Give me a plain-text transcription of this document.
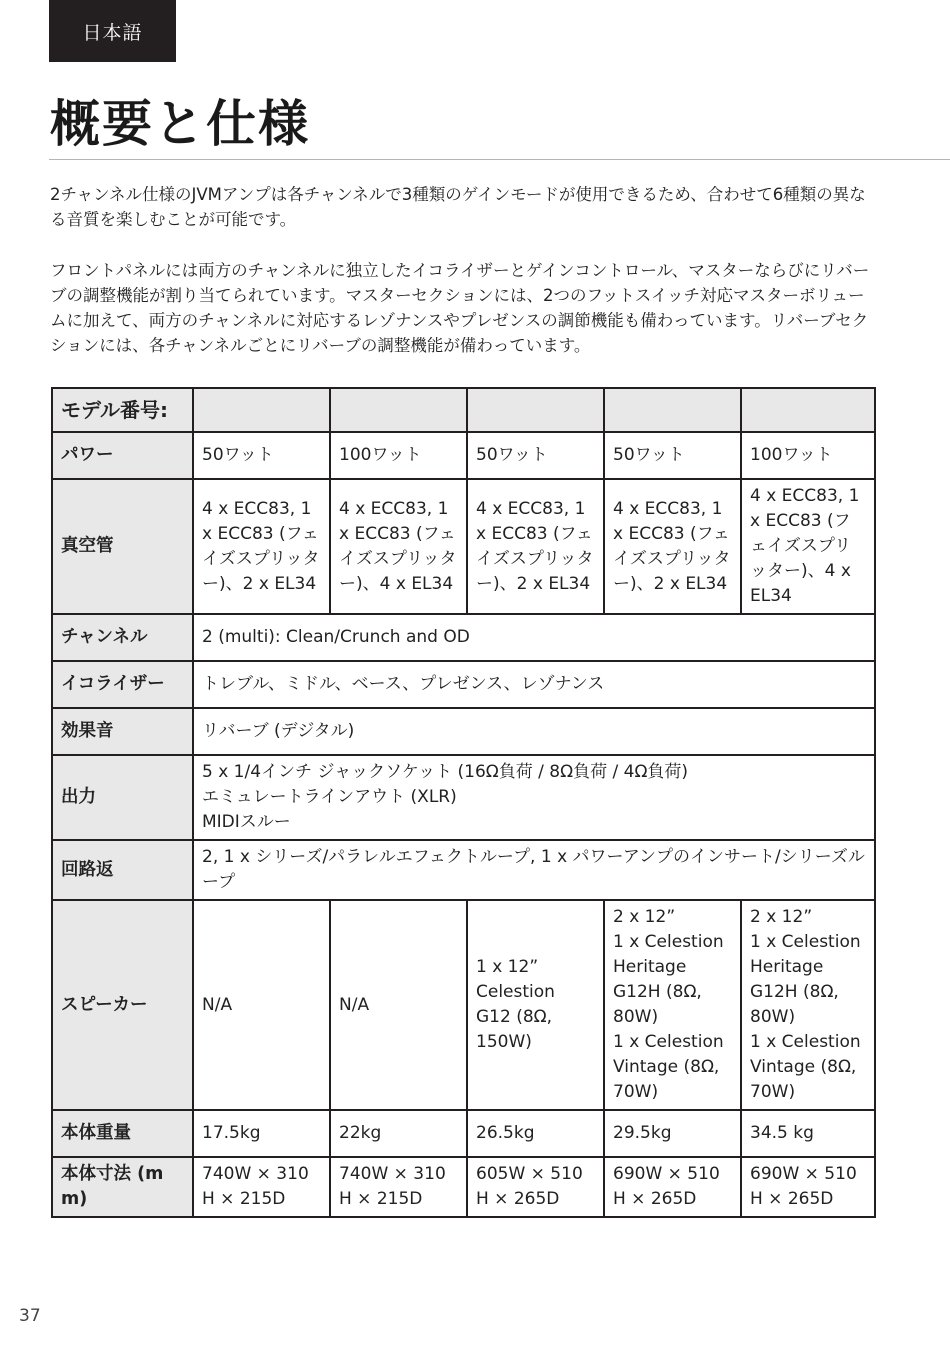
日本語
概要と仕様

2チャンネル仕様のJVMアンプは各チャンネルで3種類のゲインモードが使用できるため、合わせて6種類の異なる音質を楽しむことが可能です。

フロントパネルには両方のチャンネルに独立したイコライザーとゲインコントロール、マスターならびにリバーブの調整機能が割り当てられています。マスターセクションには、2つのフットスイッチ対応マスターボリュームに加えて、両方のチャンネルに対応するレゾナンスやプレゼンスの調節機能も備わっています。リバーブセクションには、各チャンネルごとにリバーブの調整機能が備わっています。

モデル番号:					
パワー	50ワット	100ワット	50ワット	50ワット	100ワット
真空管	4 x ECC83, 1 x ECC83 (フェイズスプリッター)、2 x EL34	4 x ECC83, 1 x ECC83 (フェイズスプリッター)、4 x EL34	4 x ECC83, 1 x ECC83 (フェイズスプリッター)、2 x EL34	4 x ECC83, 1 x ECC83 (フェイズスプリッター)、2 x EL34	4 x ECC83, 1 x ECC83 (フェイズスプリッター)、4 x EL34
チャンネル	2 (multi): Clean/Crunch and OD				
イコライザー	トレブル、ミドル、ベース、プレゼンス、レゾナンス				
効果音	リバーブ (デジタル)				
出力	5 x 1/4インチ ジャックソケット (16Ω負荷 / 8Ω負荷 / 4Ω負荷)
エミュレートラインアウト (XLR)
MIDIスルー				
回路返	2, 1 x シリーズ/パラレルエフェクトループ, 1 x パワーアンプのインサート/シリーズループ				
スピーカー	N/A	N/A	1 x 12”
Celestion G12 (8Ω, 150W)	2 x 12”
1 x Celestion Heritage G12H (8Ω, 80W)
1 x Celestion Vintage (8Ω, 70W)	2 x 12”
1 x Celestion Heritage G12H (8Ω, 80W)
1 x Celestion Vintage (8Ω, 70W)
本体重量	17.5kg	22kg	26.5kg	29.5kg	34.5 kg
本体寸法 (mm)	740W × 310H × 215D	740W × 310H × 215D	605W × 510H × 265D	690W × 510H × 265D	690W × 510H × 265D
37
